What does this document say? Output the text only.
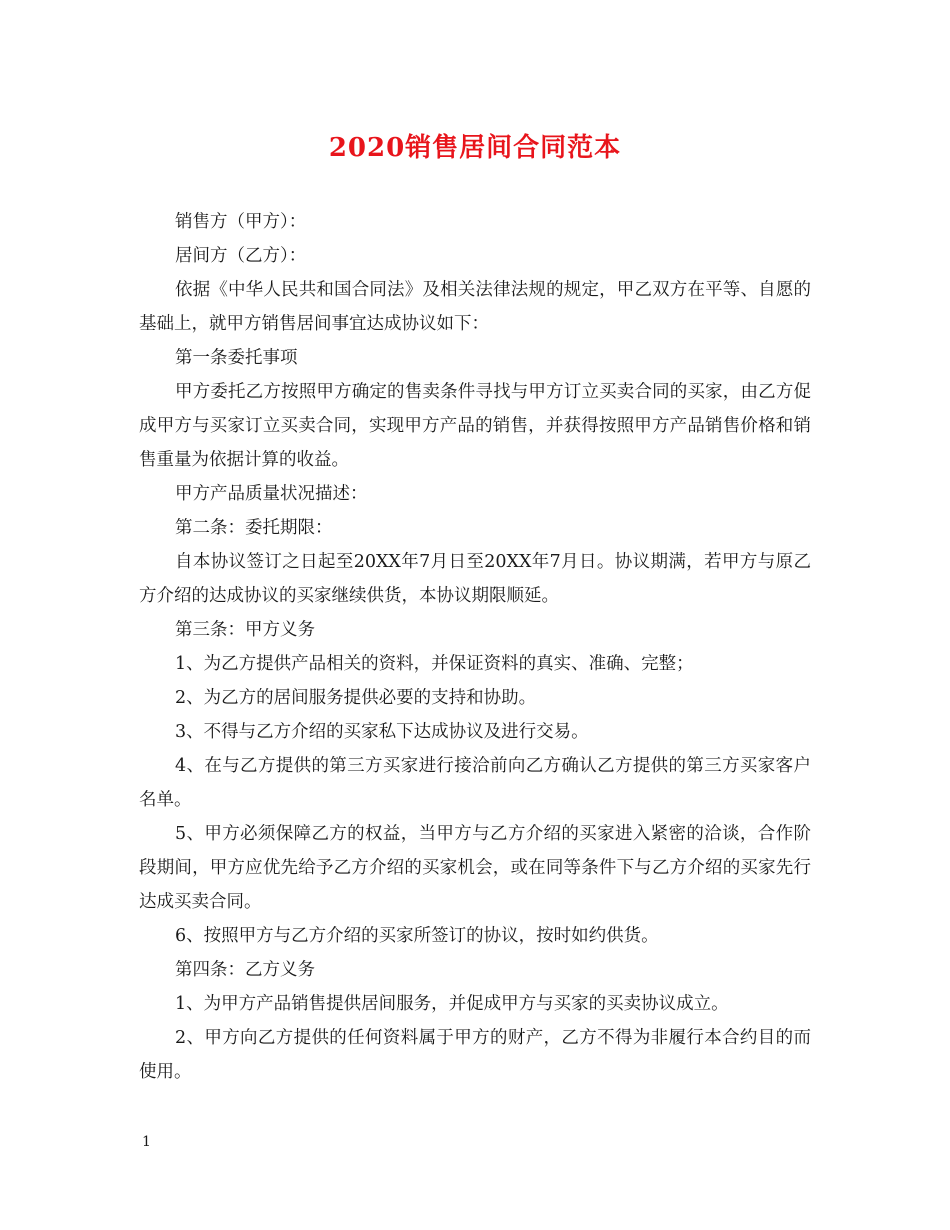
2020销售居间合同范本

销售方（甲方）：

居间方（乙方）：

依据《中华人民共和国合同法》及相关法律法规的规定，甲乙双方在平等、自愿的基础上，就甲方销售居间事宜达成协议如下：

第一条委托事项

甲方委托乙方按照甲方确定的售卖条件寻找与甲方订立买卖合同的买家，由乙方促成甲方与买家订立买卖合同，实现甲方产品的销售，并获得按照甲方产品销售价格和销售重量为依据计算的收益。

甲方产品质量状况描述：

第二条：委托期限：

自本协议签订之日起至20XX年7月日至20XX年7月日。协议期满，若甲方与原乙方介绍的达成协议的买家继续供货，本协议期限顺延。

第三条：甲方义务

1、为乙方提供产品相关的资料，并保证资料的真实、准确、完整；

2、为乙方的居间服务提供必要的支持和协助。

3、不得与乙方介绍的买家私下达成协议及进行交易。

4、在与乙方提供的第三方买家进行接洽前向乙方确认乙方提供的第三方买家客户名单。

5、甲方必须保障乙方的权益，当甲方与乙方介绍的买家进入紧密的洽谈，合作阶段期间，甲方应优先给予乙方介绍的买家机会，或在同等条件下与乙方介绍的买家先行达成买卖合同。

6、按照甲方与乙方介绍的买家所签订的协议，按时如约供货。

第四条：乙方义务

1、为甲方产品销售提供居间服务，并促成甲方与买家的买卖协议成立。

2、甲方向乙方提供的任何资料属于甲方的财产，乙方不得为非履行本合约目的而使用。

1
